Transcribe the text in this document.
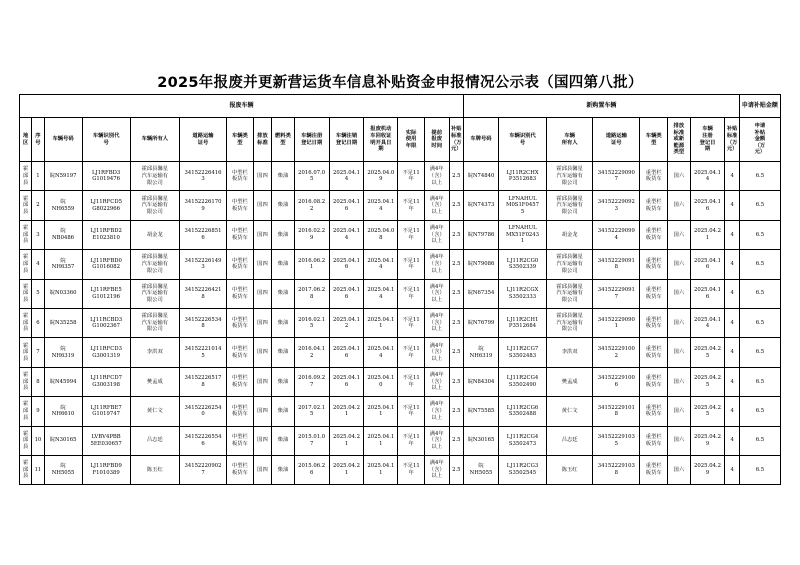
2025年报废并更新营运货车信息补贴资金申报情况公示表（国四第八批）
报废车辆															新购置车辆								申请补贴金额
地
区	序
号	车辆号码	车辆识别代
号	车辆所有人	道路运输
证号	车辆类
型	排放
标准	燃料类
型	车辆注册
登记日期	车辆注销
登记日期	报废机动
车回收证
明开具日
期	实际
使用
年限	提前
报废
时间	补贴
标准
（万
元）	车牌号码	车辆识别代
号	车辆
所有人	道路运输
证号	车辆类
型	排放
标准
或新
能源
类型	车辆
注册
登记日
期	补贴
标准
（万
元）	申请
补贴
金额
（万
元）
霍
邱
县	1	皖N59197	LJ1RFBD3
G1019476	霍邱县馨星
汽车运输有
限公司	34152226416
3	中型栏
板货车	国四	柴油	2016.07.0
5	2025.04.1
4	2025.04.0
9	不足11
年	满4年
（含）
以上	2.5	皖N74840	LJ11R2CHX
P3512683	霍邱县馨星
汽车运输有
限公司	34152229090
7	重型栏
板货车	国六	2025.04.1
4	4	6.5
霍
邱
县	2	皖
NH6559	LJ11RFCD5
G8022966	霍邱县馨星
汽车运输有
限公司	34152226170
9	中型栏
板货车	国四	柴油	2016.08.2
2	2025.04.1
6	2025.04.1
4	不足11
年	满4年
（含）
以上	2.5	皖N74373	LFNAHUL
M0S1F0457
5	霍邱县馨星
汽车运输有
限公司	34152229092
3	重型栏
板货车	国六	2025.04.1
6	4	6.5
霍
邱
县	3	皖
NB0486	LJ11RFBD2
E1023810	胡金龙	34152226851
6	中型栏
板货车	国四	柴油	2016.02.2
9	2025.04.1
4	2025.04.0
8	不足11
年	满4年
（含）
以上	2.5	皖N79786	LFNAHUL
MX51F0243
1	胡金龙	34152229099
4	重型栏
板货车	国六	2025.04.2
1	4	6.5
霍
邱
县	4	皖
NH6357	LJ11RFBD0
G1016082	霍邱县馨星
汽车运输有
限公司	34152226149
3	中型栏
板货车	国四	柴油	2016.06.2
1	2025.04.1
6	2025.04.1
4	不足11
年	满4年
（含）
以上	2.5	皖N79086	LJ11R2CG0
S3502339	霍邱县馨星
汽车运输有
限公司	34152229091
8	重型栏
板货车	国六	2025.04.1
6	4	6.5
霍
邱
县	5	皖N03360	LJ11RFBE5
G1012196	霍邱县馨星
汽车运输有
限公司	34152226421
8	中型栏
板货车	国四	柴油	2017.06.2
8	2025.04.1
6	2025.04.1
4	不足11
年	满4年
（含）
以上	2.5	皖N67354	LJ11R2CGX
S3502333	霍邱县馨星
汽车运输有
限公司	34152229091
7	重型栏
板货车	国六	2025.04.1
6	4	6.5
霍
邱
县	6	皖N35258	LJ11RCBD3
G1002367	霍邱县馨星
汽车运输有
限公司	34152226534
8	中型栏
板货车	国四	柴油	2016.02.1
5	2025.04.1
2	2025.04.1
1	不足11
年	满4年
（含）
以上	2.5	皖N76799	LJ11R2CH1
P3512684	霍邱县馨星
汽车运输有
限公司	34152229090
1	重型栏
板货车	国六	2025.04.1
4	4	6.5
霍
邱
县	7	皖
NH6319	LJ11RFCD3
G3001319	李洪双	34152221014
5	中型栏
板货车	国四	柴油	2016.04.1
2	2025.04.1
6	2025.04.1
4	不足11
年	满4年
（含）
以上	2.5	皖
NH6319	LJ11R2CG7
S3502483	李洪双	34152229100
2	重型栏
板货车	国六	2025.04.2
5	4	6.5
霍
邱
县	8	皖N45994	LJ11RFCD7
G3003198	樊孟成	34152226517
8	中型栏
板货车	国四	柴油	2016.09.2
7	2025.04.1
6	2025.04.1
0	不足11
年	满4年
（含）
以上	2.5	皖N84304	LJ11R2CG4
S3502490	樊孟成	34152229100
6	重型栏
板货车	国六	2025.04.2
5	4	6.5
霍
邱
县	9	皖
NH6610	LJ11RFBE7
G1019747	黄仁文	34152226254
0	中型栏
板货车	国四	柴油	2017.02.1
5	2025.04.2
1	2025.04.1
1	不足11
年	满4年
（含）
以上	2.5	皖N75585	LJ11R2CG6
S3502488	黄仁文	34152229101
8	重型栏
板货车	国六	2025.04.2
5	4	6.5
霍
邱
县	10	皖N30165	LVBV4PBB
5EE030657	吕志廷	34152226554
6	中型栏
板货车	国四	柴油	2015.01.0
7	2025.04.2
1	2025.04.1
1	不足11
年	满4年
（含）
以上	2.5	皖N30165	LJ11R2CG4
S3502473	吕志廷	34152229103
5	重型栏
板货车	国六	2025.04.2
9	4	6.5
霍
邱
县	11	皖
NH5055	LJ11RFBD9
F1010389	陈玉红	34152220902
7	中型栏
板货车	国四	柴油	2015.06.2
6	2025.04.2
1	2025.04.1
1	不足11
年	满4年
（含）
以上	2.5	皖
NH5055	LJ11R2CG3
S3502545	陈玉红	34152229103
8	重型栏
板货车	国六	2025.04.2
9	4	6.5
